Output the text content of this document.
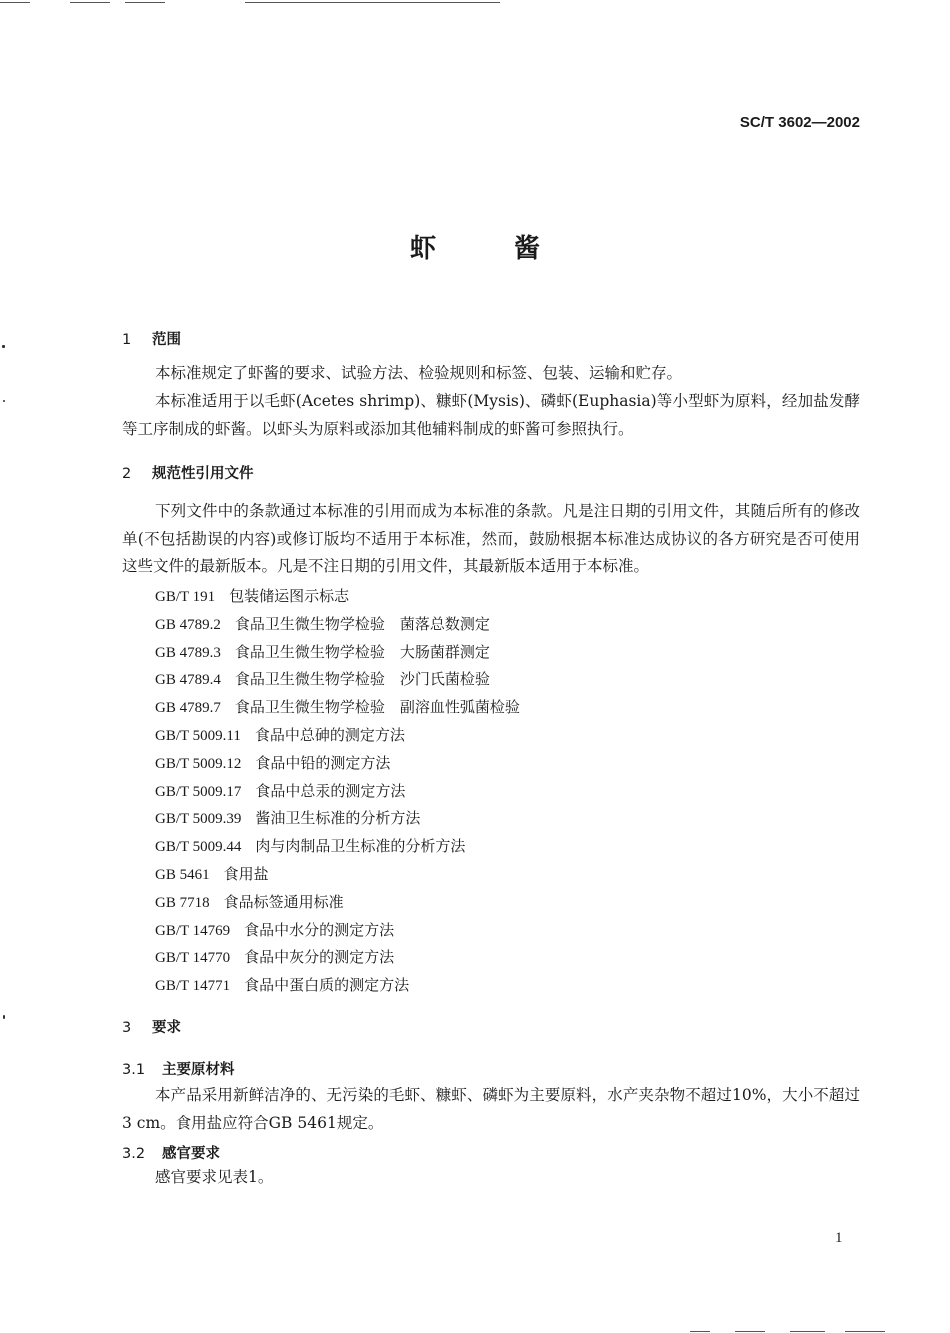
SC/T 3602—2002
虾	酱
1 范围

本标准规定了虾酱的要求、试验方法、检验规则和标签、包装、运输和贮存。

本标准适用于以毛虾(Acetes shrimp)、糠虾(Mysis)、磷虾(Euphasia)等小型虾为原料，经加盐发酵等工序制成的虾酱。以虾头为原料或添加其他辅料制成的虾酱可参照执行。

2 规范性引用文件

下列文件中的条款通过本标准的引用而成为本标准的条款。凡是注日期的引用文件，其随后所有的修改单(不包括勘误的内容)或修订版均不适用于本标准，然而，鼓励根据本标准达成协议的各方研究是否可使用这些文件的最新版本。凡是不注日期的引用文件，其最新版本适用于本标准。

GB/T 191 包装储运图示标志
GB 4789.2 食品卫生微生物学检验　菌落总数测定
GB 4789.3 食品卫生微生物学检验　大肠菌群测定
GB 4789.4 食品卫生微生物学检验　沙门氏菌检验
GB 4789.7 食品卫生微生物学检验　副溶血性弧菌检验
GB/T 5009.11 食品中总砷的测定方法
GB/T 5009.12 食品中铅的测定方法
GB/T 5009.17 食品中总汞的测定方法
GB/T 5009.39 酱油卫生标准的分析方法
GB/T 5009.44 肉与肉制品卫生标准的分析方法
GB 5461 食用盐
GB 7718 食品标签通用标准
GB/T 14769 食品中水分的测定方法
GB/T 14770 食品中灰分的测定方法
GB/T 14771 食品中蛋白质的测定方法
3 要求
3.1 主要原材料

本产品采用新鲜洁净的、无污染的毛虾、糠虾、磷虾为主要原料，水产夹杂物不超过10%，大小不超过3 cm。食用盐应符合GB 5461规定。

3.2 感官要求

感官要求见表1。

1
